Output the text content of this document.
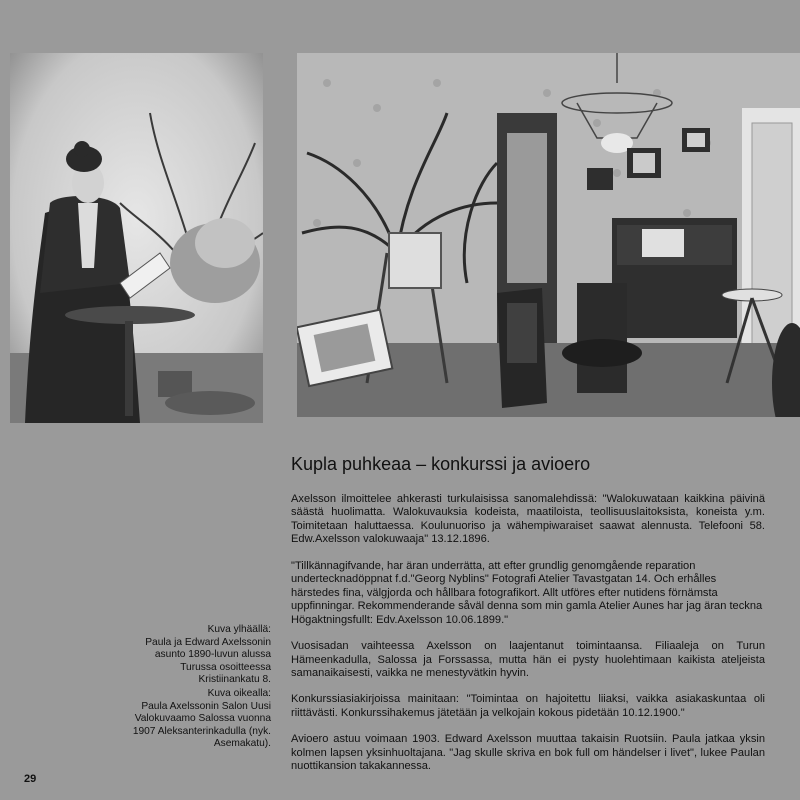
Kupla puhkeaa – konkurssi ja avioero

Axelsson ilmoittelee ahkerasti turkulaisissa sanomalehdissä: "Walokuwataan kaikkina päivinä säästä huolimatta. Walokuvauksia kodeista, maatiloista, teollisuuslaitoksista, koneista y.m. Toimitetaan haluttaessa. Koulunuoriso ja wähempiwaraiset saawat alennusta. Telefooni 58. Edw.Axelsson valokuwaaja" 13.12.1896.

"Tillkännagifvande, har äran underrätta, att efter grundlig genomgående reparation undertecknadöppnat f.d."Georg Nyblins" Fotografi Atelier Tavastgatan 14. Och erhålles härstedes fina, välgjorda och hållbara fotografikort. Allt utföres efter nutidens förnämsta uppfinningar. Rekommenderande såväl denna som min gamla Atelier Aunes har jag äran teckna Högaktningsfullt: Edv.Axelsson 10.06.1899."

Vuosisadan vaihteessa Axelsson on laajentanut toimintaansa. Filiaaleja on Turun Hämeenkadulla, Salossa ja Forssassa, mutta hän ei pysty huolehtimaan kaikista ateljeista samanaikaisesti, vaikka ne menestyvätkin hyvin.

Konkurssiasiakirjoissa mainitaan: "Toimintaa on hajoitettu liiaksi, vaikka asiakaskuntaa oli riittävästi. Konkurssihakemus jätetään ja velkojain kokous pidetään 10.12.1900."

Avioero astuu voimaan 1903. Edward Axelsson muuttaa takaisin Ruotsiin. Paula jatkaa yksin kolmen lapsen yksinhuoltajana. "Jag skulle skriva en bok full om händelser i livet", lukee Paulan nuottikansion takakannessa.

Kuva ylhäällä:
Paula ja Edward Axelssonin
asunto 1890-luvun alussa
Turussa osoitteessa
Kristiinankatu 8.
Kuva oikealla:
Paula Axelssonin Salon Uusi
Valokuvaamo Salossa vuonna
1907 Aleksanterinkadulla (nyk.
Asemakatu).
29
